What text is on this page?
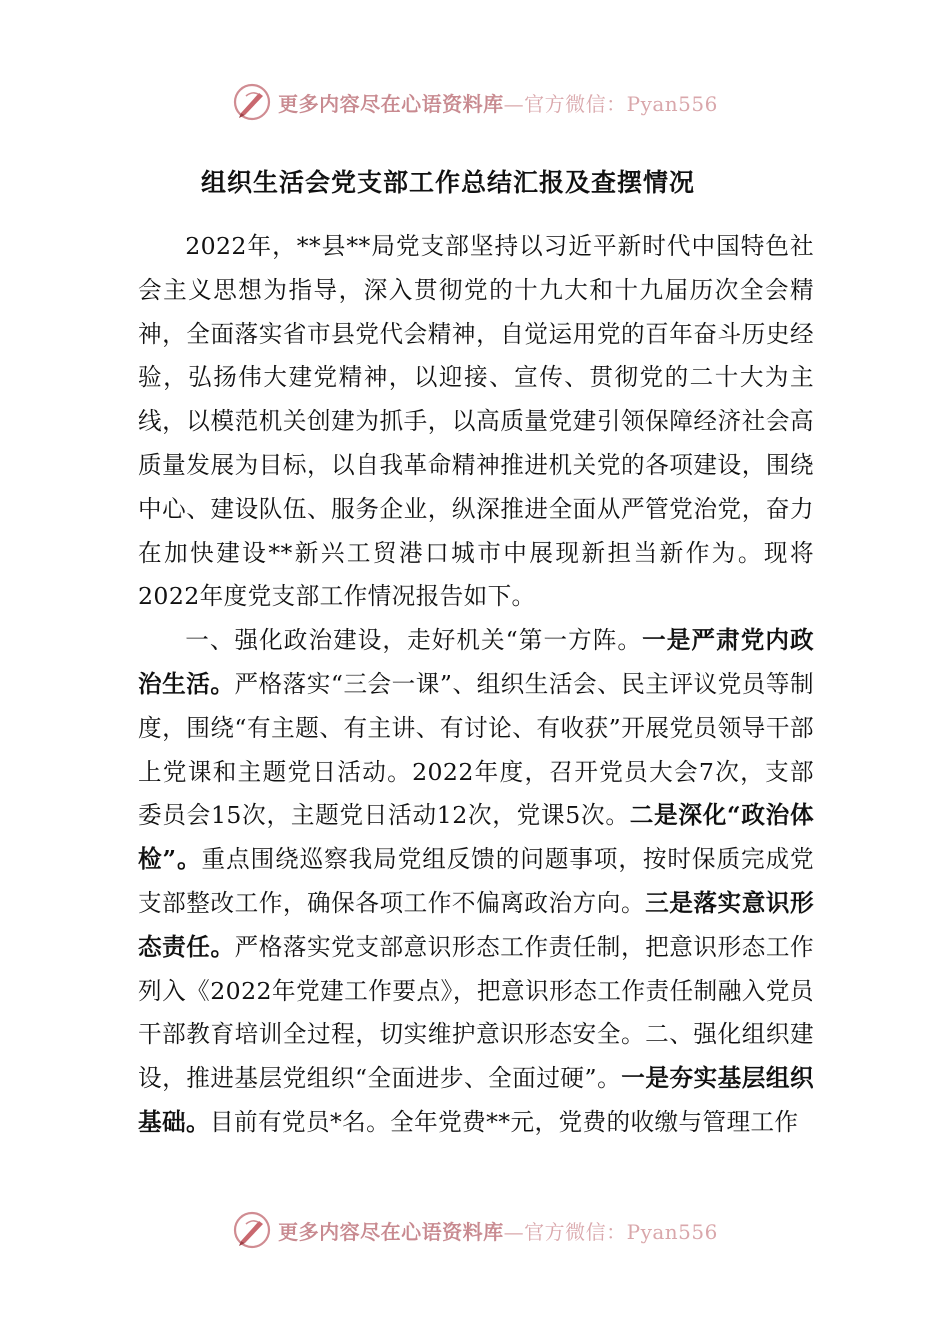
更多内容尽在心语资料库—官方微信：Pyan556
组织生活会党支部工作总结汇报及查摆情况

2022年，**县**局党支部坚持以习近平新时代中国特色社会主义思想为指导，深入贯彻党的十九大和十九届历次全会精神，全面落实省市县党代会精神，自觉运用党的百年奋斗历史经验，弘扬伟大建党精神，以迎接、宣传、贯彻党的二十大为主线，以模范机关创建为抓手，以高质量党建引领保障经济社会高质量发展为目标，以自我革命精神推进机关党的各项建设，围绕中心、建设队伍、服务企业，纵深推进全面从严管党治党，奋力在加快建设**新兴工贸港口城市中展现新担当新作为。现将2022年度党支部工作情况报告如下。

一、强化政治建设，走好机关“第一方阵。一是严肃党内政治生活。严格落实“三会一课”、组织生活会、民主评议党员等制度，围绕“有主题、有主讲、有讨论、有收获”开展党员领导干部上党课和主题党日活动。2022年度，召开党员大会7次，支部委员会15次，主题党日活动12次，党课5次。二是深化“政治体检”。重点围绕巡察我局党组反馈的问题事项，按时保质完成党支部整改工作，确保各项工作不偏离政治方向。三是落实意识形态责任。严格落实党支部意识形态工作责任制，把意识形态工作列入《2022年党建工作要点》，把意识形态工作责任制融入党员干部教育培训全过程，切实维护意识形态安全。二、强化组织建设，推进基层党组织“全面进步、全面过硬”。一是夯实基层组织基础。目前有党员*名。全年党费**元，党费的收缴与管理工作

更多内容尽在心语资料库—官方微信：Pyan556
